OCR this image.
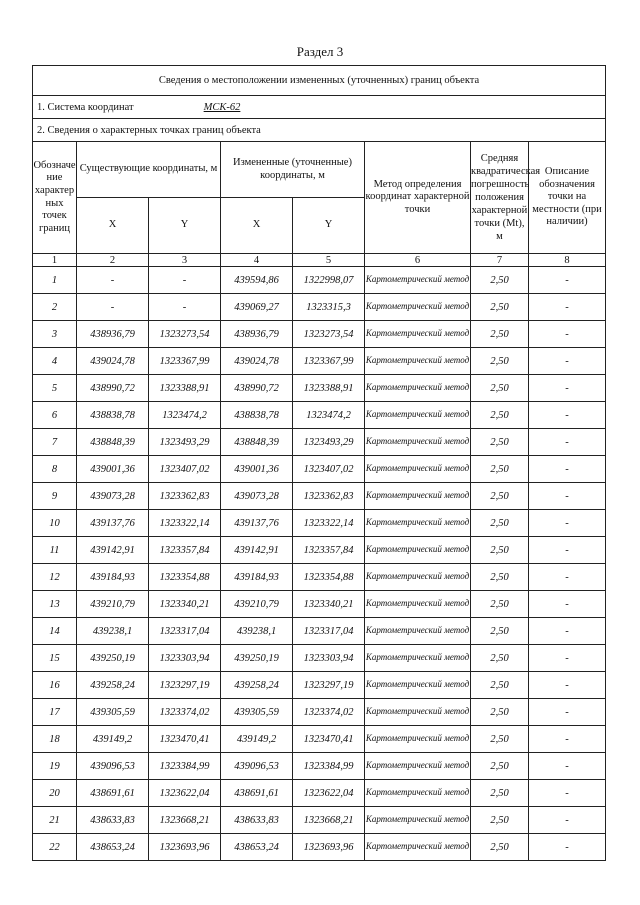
Раздел 3
Сведения о местоположении измененных (уточненных) границ объекта							
1. Система координат МСК-62							
2. Сведения о характерных точках границ объекта							
Обозначе ние характер ных точек границ	Существующие координаты, м		Измененные (уточненные) координаты, м		Метод определения координат характерной точки	Средняя квадратическая погрешность положения характерной точки (Mt), м	Описание обозначения точки на местности (при наличии)
	X	Y	X	Y			
1	2	3	4	5	6	7	8
1	-	-	439594,86	1322998,07	Картометрический метод	2,50	-
2	-	-	439069,27	1323315,3	Картометрический метод	2,50	-
3	438936,79	1323273,54	438936,79	1323273,54	Картометрический метод	2,50	-
4	439024,78	1323367,99	439024,78	1323367,99	Картометрический метод	2,50	-
5	438990,72	1323388,91	438990,72	1323388,91	Картометрический метод	2,50	-
6	438838,78	1323474,2	438838,78	1323474,2	Картометрический метод	2,50	-
7	438848,39	1323493,29	438848,39	1323493,29	Картометрический метод	2,50	-
8	439001,36	1323407,02	439001,36	1323407,02	Картометрический метод	2,50	-
9	439073,28	1323362,83	439073,28	1323362,83	Картометрический метод	2,50	-
10	439137,76	1323322,14	439137,76	1323322,14	Картометрический метод	2,50	-
11	439142,91	1323357,84	439142,91	1323357,84	Картометрический метод	2,50	-
12	439184,93	1323354,88	439184,93	1323354,88	Картометрический метод	2,50	-
13	439210,79	1323340,21	439210,79	1323340,21	Картометрический метод	2,50	-
14	439238,1	1323317,04	439238,1	1323317,04	Картометрический метод	2,50	-
15	439250,19	1323303,94	439250,19	1323303,94	Картометрический метод	2,50	-
16	439258,24	1323297,19	439258,24	1323297,19	Картометрический метод	2,50	-
17	439305,59	1323374,02	439305,59	1323374,02	Картометрический метод	2,50	-
18	439149,2	1323470,41	439149,2	1323470,41	Картометрический метод	2,50	-
19	439096,53	1323384,99	439096,53	1323384,99	Картометрический метод	2,50	-
20	438691,61	1323622,04	438691,61	1323622,04	Картометрический метод	2,50	-
21	438633,83	1323668,21	438633,83	1323668,21	Картометрический метод	2,50	-
22	438653,24	1323693,96	438653,24	1323693,96	Картометрический метод	2,50	-
